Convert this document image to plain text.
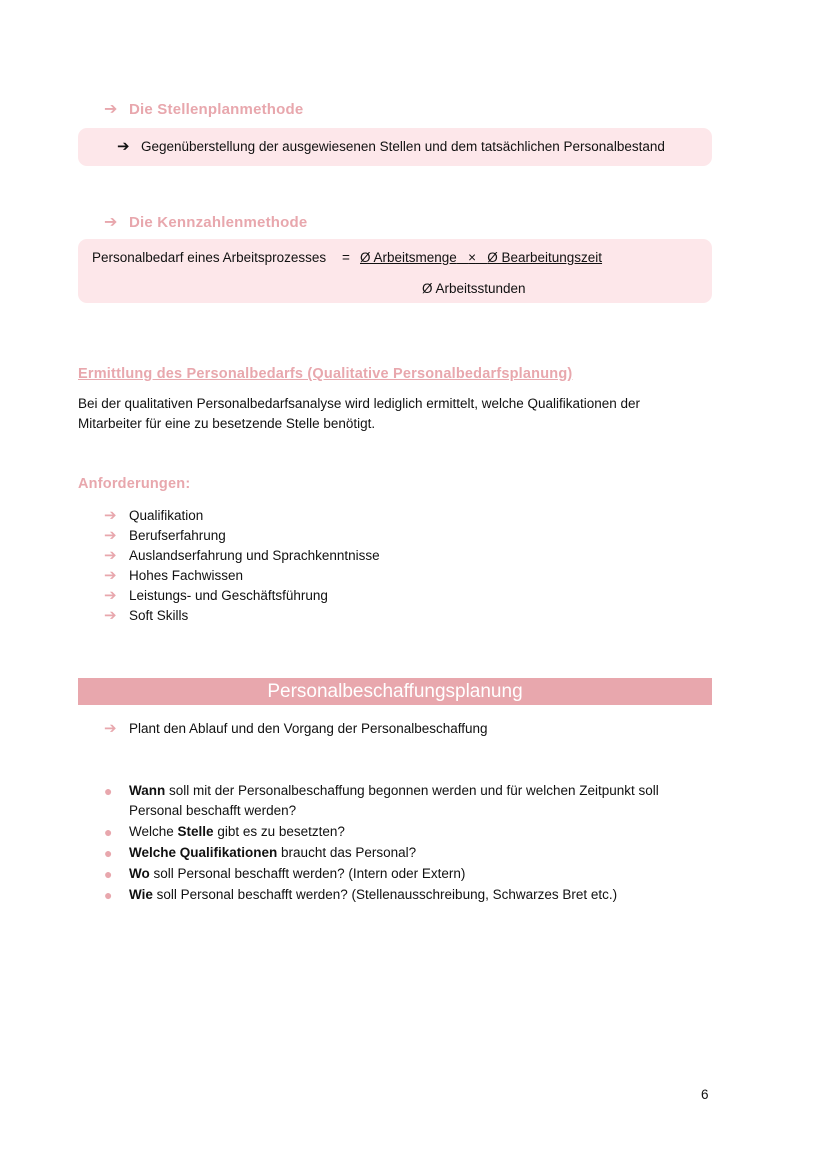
➔ Die Stellenplanmethode
➔ Gegenüberstellung der ausgewiesenen Stellen und dem tatsächlichen Personalbestand
➔ Die Kennzahlenmethode
Personalbedarf eines Arbeitsprozesses = Ø Arbeitsmenge × Ø Bearbeitungszeit
Ø Arbeitsstunden
Ermittlung des Personalbedarfs (Qualitative Personalbedarfsplanung)
Bei der qualitativen Personalbedarfsanalyse wird lediglich ermittelt, welche Qualifikationen der
Mitarbeiter für eine zu besetzende Stelle benötigt.
Anforderungen:
➔ Qualifikation
➔ Berufserfahrung
➔ Auslandserfahrung und Sprachkenntnisse
➔ Hohes Fachwissen
➔ Leistungs- und Geschäftsführung
➔ Soft Skills
Personalbeschaffungsplanung
➔ Plant den Ablauf und den Vorgang der Personalbeschaffung
● Wann soll mit der Personalbeschaffung begonnen werden und für welchen Zeitpunkt soll
Personal beschafft werden?
● Welche Stelle gibt es zu besetzten?
● Welche Qualifikationen braucht das Personal?
● Wo soll Personal beschafft werden? (Intern oder Extern)
● Wie soll Personal beschafft werden? (Stellenausschreibung, Schwarzes Bret etc.)
6
